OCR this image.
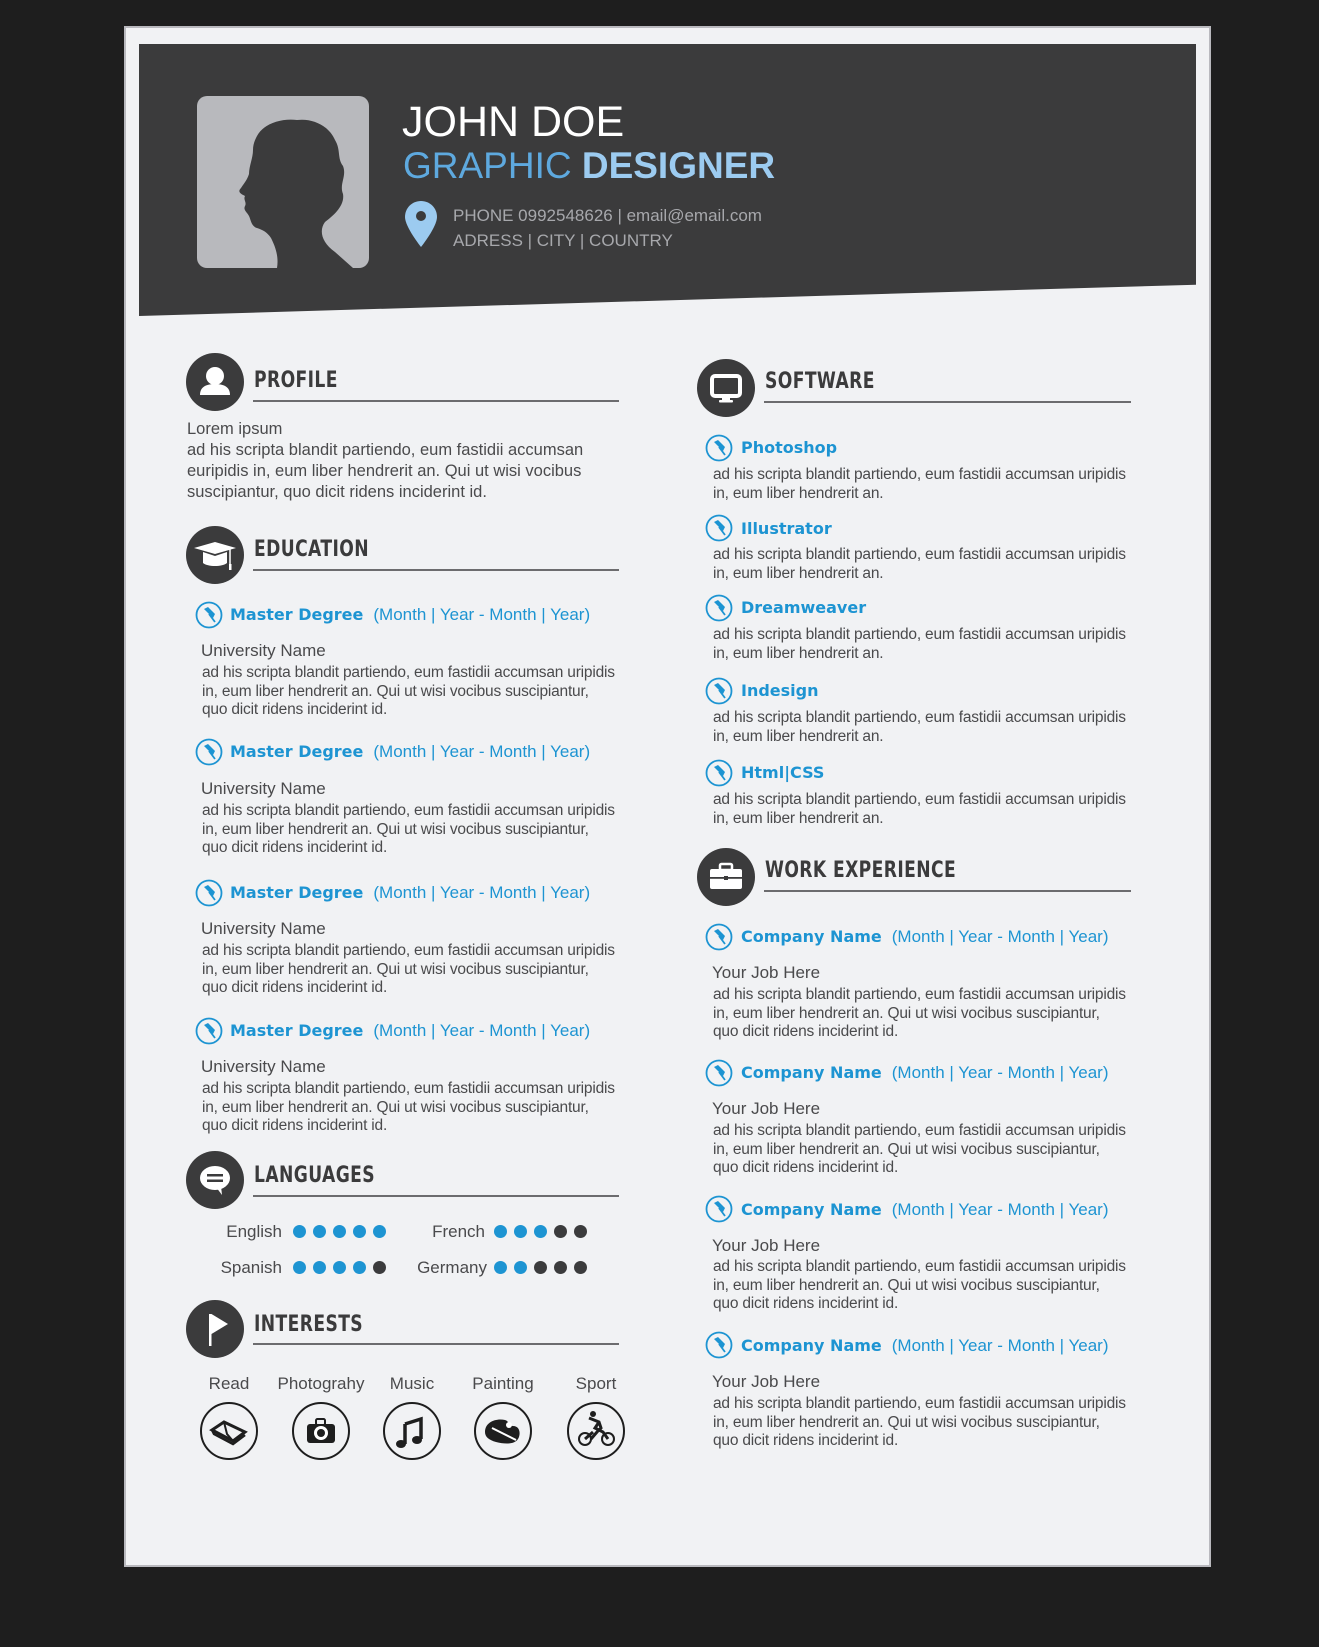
JOHN DOE
GRAPHIC DESIGNER
PHONE 0992548626 | email@email.com
ADRESS | CITY | COUNTRY
PROFILE
Lorem ipsum
ad his scripta blandit partiendo, eum fastidii accumsan
euripidis in, eum liber hendrerit an. Qui ut wisi vocibus
suscipiantur, quo dicit ridens inciderint id.
EDUCATION
Master Degree (Month | Year - Month | Year)
University Name
ad his scripta blandit partiendo, eum fastidii accumsan uripidis
in, eum liber hendrerit an. Qui ut wisi vocibus suscipiantur,
quo dicit ridens inciderint id.
Master Degree (Month | Year - Month | Year)
University Name
ad his scripta blandit partiendo, eum fastidii accumsan uripidis
in, eum liber hendrerit an. Qui ut wisi vocibus suscipiantur,
quo dicit ridens inciderint id.
Master Degree (Month | Year - Month | Year)
University Name
ad his scripta blandit partiendo, eum fastidii accumsan uripidis
in, eum liber hendrerit an. Qui ut wisi vocibus suscipiantur,
quo dicit ridens inciderint id.
Master Degree (Month | Year - Month | Year)
University Name
ad his scripta blandit partiendo, eum fastidii accumsan uripidis
in, eum liber hendrerit an. Qui ut wisi vocibus suscipiantur,
quo dicit ridens inciderint id.
LANGUAGES
English	French
Spanish	Germany
INTERESTS
Read	Photograhy	Music	Painting	Sport
SOFTWARE
Photoshop
ad his scripta blandit partiendo, eum fastidii accumsan uripidis
in, eum liber hendrerit an.
Illustrator
ad his scripta blandit partiendo, eum fastidii accumsan uripidis
in, eum liber hendrerit an.
Dreamweaver
ad his scripta blandit partiendo, eum fastidii accumsan uripidis
in, eum liber hendrerit an.
Indesign
ad his scripta blandit partiendo, eum fastidii accumsan uripidis
in, eum liber hendrerit an.
Html|CSS
ad his scripta blandit partiendo, eum fastidii accumsan uripidis
in, eum liber hendrerit an.
WORK EXPERIENCE
Company Name (Month | Year - Month | Year)
Your Job Here
ad his scripta blandit partiendo, eum fastidii accumsan uripidis
in, eum liber hendrerit an. Qui ut wisi vocibus suscipiantur,
quo dicit ridens inciderint id.
Company Name (Month | Year - Month | Year)
Your Job Here
ad his scripta blandit partiendo, eum fastidii accumsan uripidis
in, eum liber hendrerit an. Qui ut wisi vocibus suscipiantur,
quo dicit ridens inciderint id.
Company Name (Month | Year - Month | Year)
Your Job Here
ad his scripta blandit partiendo, eum fastidii accumsan uripidis
in, eum liber hendrerit an. Qui ut wisi vocibus suscipiantur,
quo dicit ridens inciderint id.
Company Name (Month | Year - Month | Year)
Your Job Here
ad his scripta blandit partiendo, eum fastidii accumsan uripidis
in, eum liber hendrerit an. Qui ut wisi vocibus suscipiantur,
quo dicit ridens inciderint id.
